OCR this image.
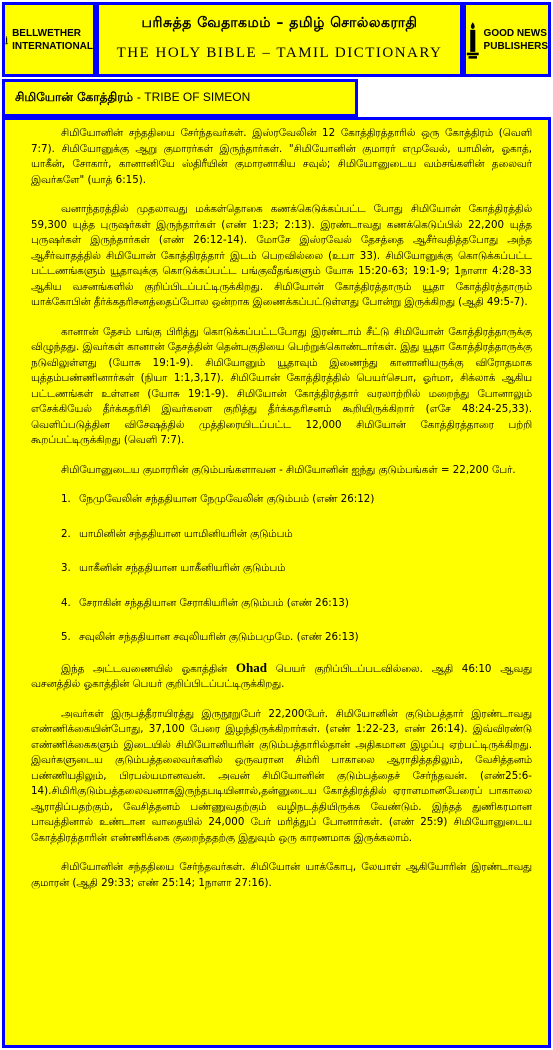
BELLWETHER
INTERNATIONAL
பரிசுத்த வேதாகமம் – தமிழ் சொல்லகராதி
THE HOLY BIBLE – TAMIL DICTIONARY
GOOD NEWS
PUBLISHERS
சிமியோன் கோத்திரம் - TRIBE OF SIMEON

சிமியோனின் சந்ததியை சேர்ந்தவர்கள். இஸ்ரவேலின் 12 கோத்திரத்தாரில் ஒரு கோத்திரம் (வெளி 7:7). சிமியோனுக்கு ஆறு குமாரர்கள் இருந்தார்கள். "சிமியோனின் குமாரர் எமுவேல், யாமின், ஓகாத், யாகீன், சோகார், கானானியே ஸ்திரீயின் குமாரனாகிய சவுல்; சிமியோனுடைய வம்சங்களின் தலைவர் இவர்களே" (யாத் 6:15).

வனாந்தரத்தில் முதலாவது மக்கள்தொகை கணக்கெடுக்கப்பட்ட போது சிமியோன் கோத்திரத்தில் 59,300 யுத்த புருஷர்கள் இருந்தார்கள் (எண் 1:23; 2:13). இரண்டாவது கணக்கெடுப்பில் 22,200 யுத்த புருஷர்கள் இருந்தார்கள் (எண் 26:12-14). மோசே இஸ்ரவேல் தேசத்தை ஆசீர்வதித்தபோது அந்த ஆசீர்வாதத்தில் சிமியோன் கோத்திரத்தார் இடம் பெறவில்லை (உபா 33). சிமியோனுக்கு கொடுக்கப்பட்ட பட்டணங்களும் யூதாவுக்கு கொடுக்கப்பட்ட பங்குவீதங்களும் யோசு 15:20-63; 19:1-9; 1நாளா 4:28-33 ஆகிய வசனங்களில் குறிப்பிடப்பட்டிருக்கிறது. சிமியோன் கோத்திரத்தாரும் யூதா கோத்திரத்தாரும் யாக்கோபின் தீர்க்கதரிசனத்தைப்போல ஒன்றாக இணைக்கப்பட்டுள்ளது போன்று இருக்கிறது (ஆதி 49:5-7).

கானான் தேசம் பங்கு பிரித்து கொடுக்கப்பட்டபோது இரண்டாம் சீட்டு சிமியோன் கோத்திரத்தாருக்கு விழுந்தது. இவர்கள் கானான் தேசத்தின் தென்பகுதியை பெற்றுக்கொண்டார்கள். இது யூதா கோத்திரத்தாருக்கு நடுவிலுள்ளது (யோசு 19:1-9). சிமியோனும் யூதாவும் இணைந்து கானானியருக்கு விரோதமாக யுத்தம்பண்ணினார்கள் (நியா 1:1,3,17). சிமியோன் கோத்திரத்தில் பெயர்செபா, ஓர்மா, சிக்லாக் ஆகிய பட்டணங்கள் உள்ளன (யோசு 19:1-9). சிமியோன் கோத்திரத்தார் வரலாற்றில் மறைந்து போனாலும் எசேக்கியேல் தீர்க்கதரிசி இவர்களை குறித்து தீர்க்கதரிசனம் கூறியிருக்கிறார் (எசே 48:24-25,33). வெளிப்படுத்தின விசேஷத்தில் முத்திரையிடப்பட்ட 12,000 சிமியோன் கோத்திரத்தாரை பற்றி கூறப்பட்டிருக்கிறது (வெளி 7:7).

சிமியோனுடைய குமாரரின் குடும்பங்களாவன - சிமியோனின் ஐந்து குடும்பங்கள் = 22,200 பேர்.

1. நேமுவேலின் சந்ததியான நேமுவேலின் குடும்பம் (எண் 26:12)
2. யாமினின் சந்ததியான யாமினியரின் குடும்பம்
3. யாகீனின் சந்ததியான யாகீனியரின் குடும்பம்
4. சேராகின் சந்ததியான சேராகியரின் குடும்பம் (எண் 26:13)
5. சவுலின் சந்ததியான சவுலியரின் குடும்பமுமே. (எண் 26:13)

இந்த அட்டவணையில் ஓகாத்தின் Ohad பெயர் குறிப்பிடப்படவில்லை. ஆதி 46:10 ஆவது வசனத்தில் ஓகாத்தின் பெயர் குறிப்பிடப்பட்டிருக்கிறது.

அவர்கள் இருபத்தீராயிரத்து இருநூறுபேர் 22,200பேர். சிமியோனின் குடும்பத்தார் இரண்டாவது எண்ணிக்கையின்போது, 37,100 பேரை இழந்திருக்கிறார்கள். (எண் 1:22-23, எண் 26:14). இவ்விரண்டு எண்ணிக்கைகளும் இடையில் சிமியோனியரின் குடும்பத்தாரில்தான் அதிகமான இழப்பு ஏற்பட்டிருக்கிறது. இவர்களுடைய குடும்பத்தலைவர்களில் ஒருவரான சிம்ரி பாகாலை ஆராதித்ததிலும், வேசித்தனம் பண்ணியதிலும், பிரபல்யமானவன். அவன் சிமியோனின் குடும்பத்தைச் சேர்ந்தவன். (எண்25:6-14).சிமிரிகுடும்பத்தலைவனாகஇருந்தபடியினால்,தன்னுடைய கோத்திரத்தில் ஏராளமானபேரைப் பாகாலை ஆராதிப்பதற்கும், வேசித்தனம் பண்ணுவதற்கும் வழிநடத்தியிருக்க வேண்டும். இந்தத் துணிகரமான பாவத்தினால் உண்டான வாதையில் 24,000 பேர் மரித்துப் போனார்கள். (எண் 25:9) சிமியோனுடைய கோத்திரத்தாரின் எண்ணிக்கை குறைந்ததற்கு இதுவும் ஒரு காரணமாக இருக்கலாம்.

சிமியோனின் சந்ததியை சேர்ந்தவர்கள். சிமியோன் யாக்கோபு, லேயாள் ஆகியோரின் இரண்டாவது குமாரன் (ஆதி 29:33; எண் 25:14; 1நாளா 27:16).
